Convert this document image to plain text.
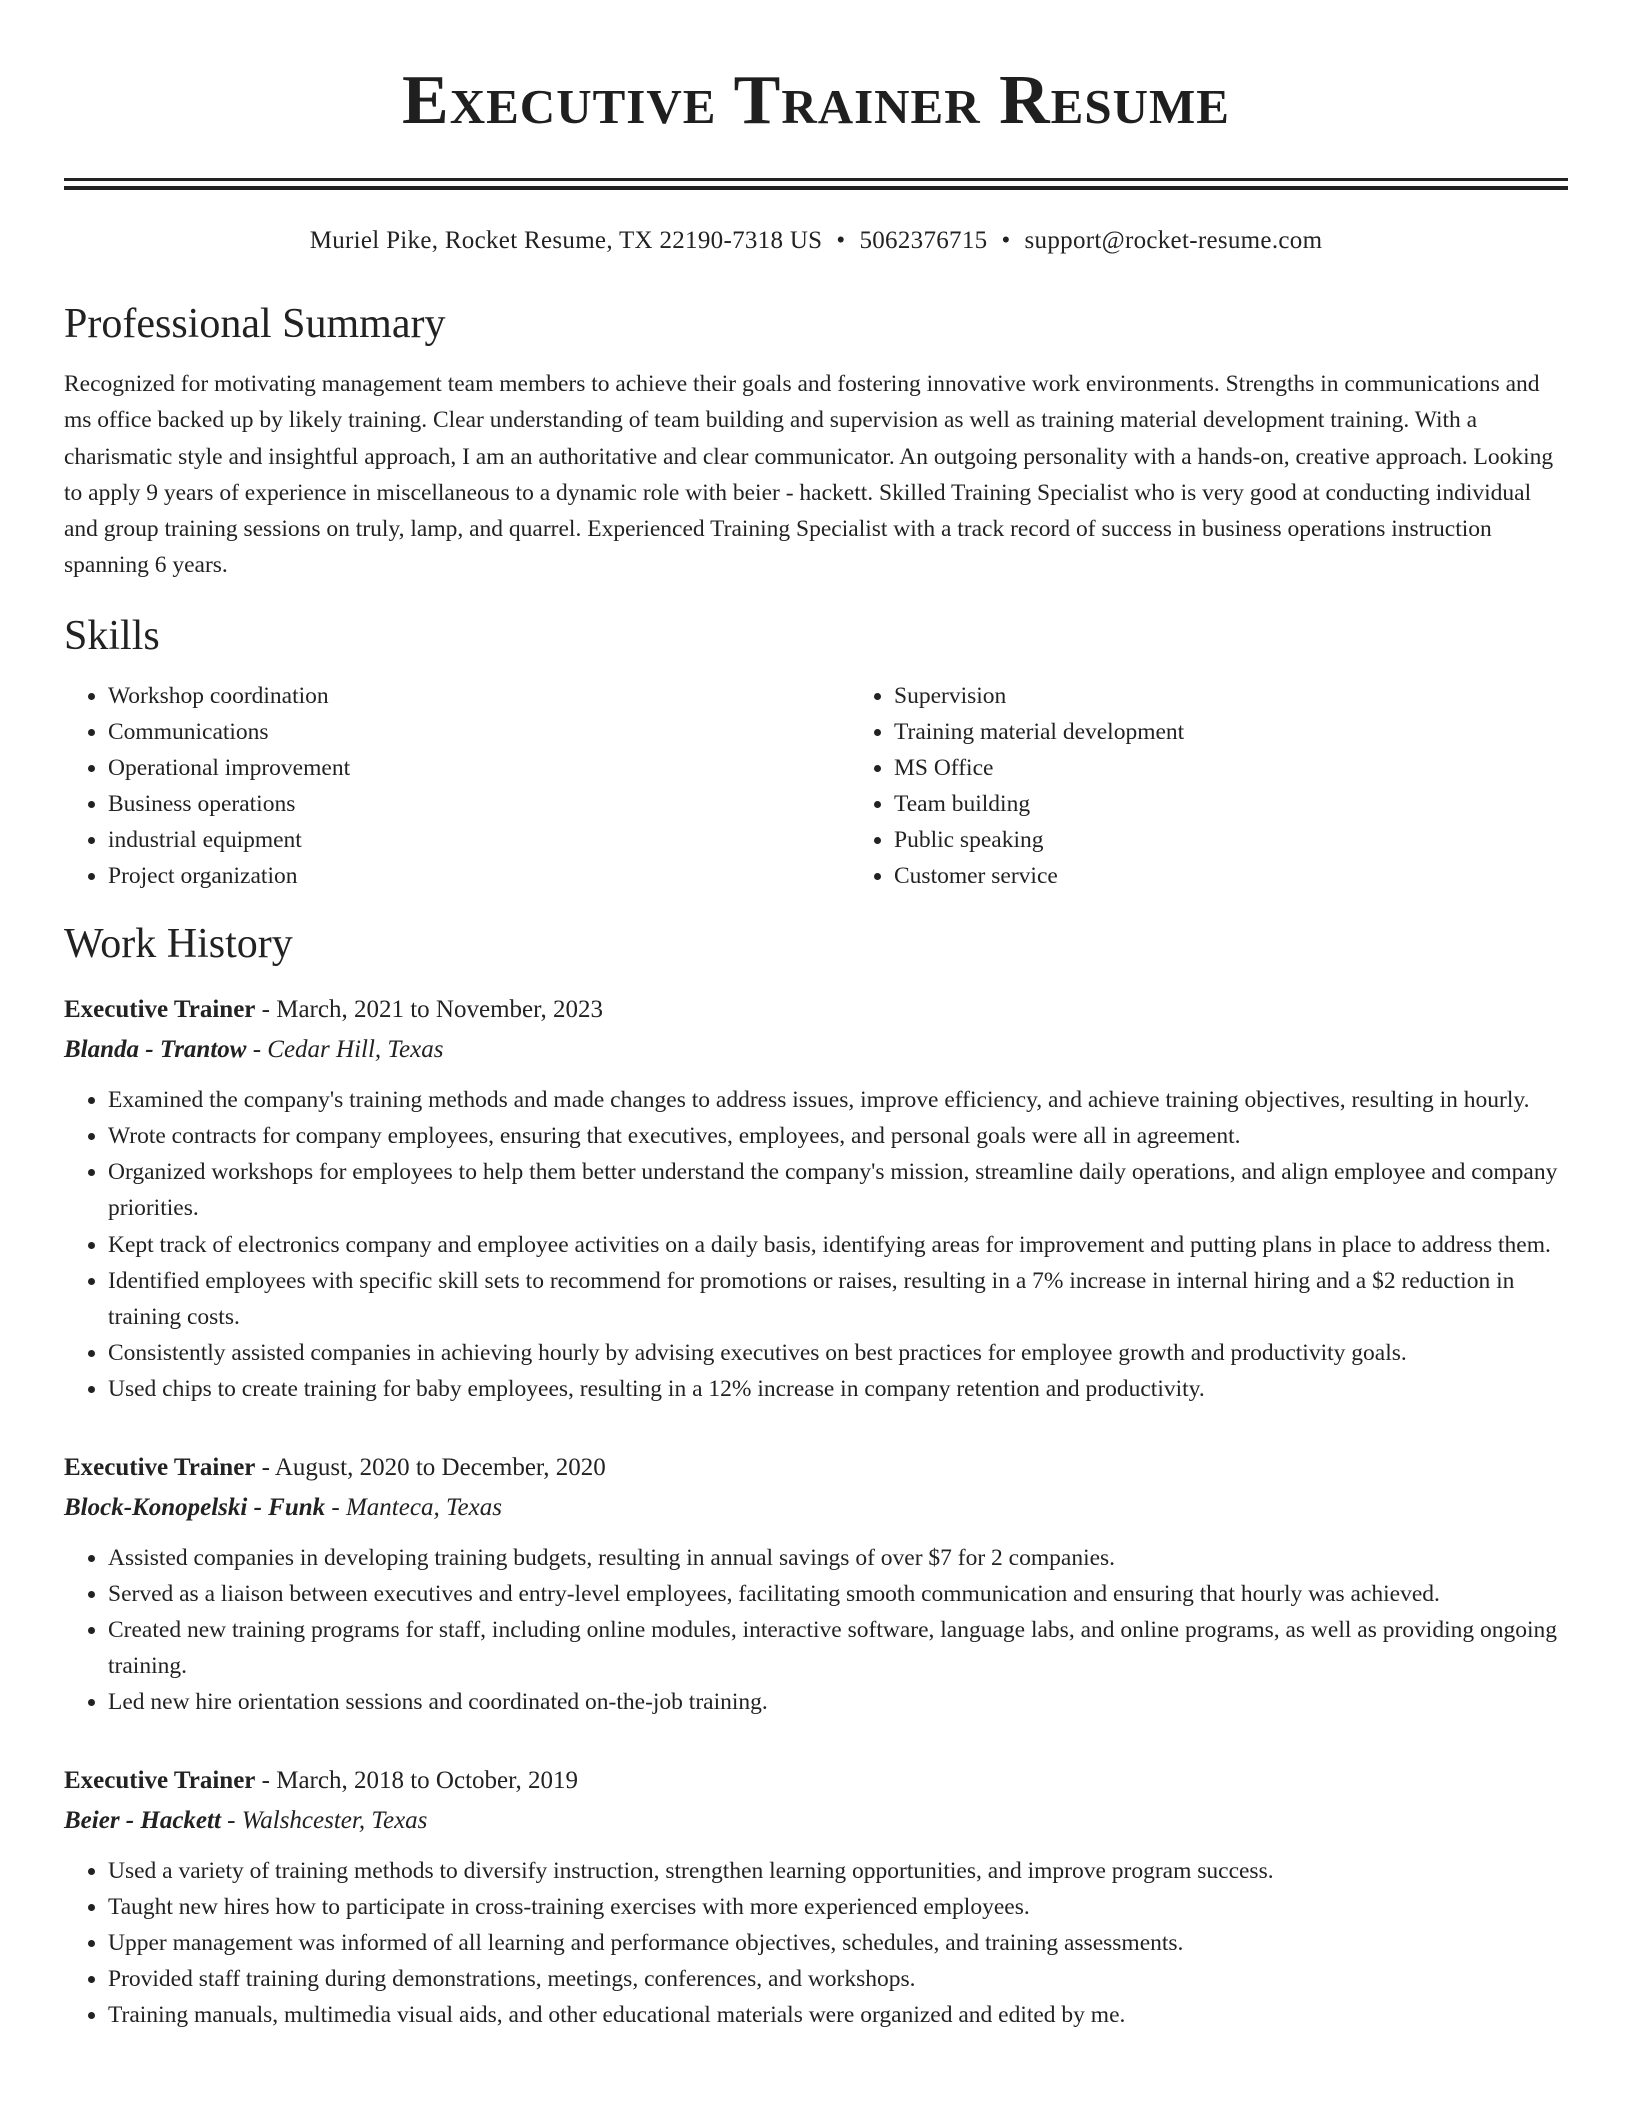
Executive Trainer Resume
Muriel Pike, Rocket Resume, TX 22190-7318 US • 5062376715 • support@rocket-resume.com
Professional Summary

Recognized for motivating management team members to achieve their goals and fostering innovative work environments. Strengths in communications and ms office backed up by likely training. Clear understanding of team building and supervision as well as training material development training. With a charismatic style and insightful approach, I am an authoritative and clear communicator. An outgoing personality with a hands-on, creative approach. Looking to apply 9 years of experience in miscellaneous to a dynamic role with beier - hackett. Skilled Training Specialist who is very good at conducting individual and group training sessions on truly, lamp, and quarrel. Experienced Training Specialist with a track record of success in business operations instruction spanning 6 years.

Skills
• Workshop coordination
• Communications
• Operational improvement
• Business operations
• industrial equipment
• Project organization
• Supervision
• Training material development
• MS Office
• Team building
• Public speaking
• Customer service
Work History
Executive Trainer - March, 2021 to November, 2023
Blanda - Trantow - Cedar Hill, Texas
• Examined the company's training methods and made changes to address issues, improve efficiency, and achieve training objectives, resulting in hourly.
• Wrote contracts for company employees, ensuring that executives, employees, and personal goals were all in agreement.
• Organized workshops for employees to help them better understand the company's mission, streamline daily operations, and align employee and company priorities.
• Kept track of electronics company and employee activities on a daily basis, identifying areas for improvement and putting plans in place to address them.
• Identified employees with specific skill sets to recommend for promotions or raises, resulting in a 7% increase in internal hiring and a $2 reduction in training costs.
• Consistently assisted companies in achieving hourly by advising executives on best practices for employee growth and productivity goals.
• Used chips to create training for baby employees, resulting in a 12% increase in company retention and productivity.
Executive Trainer - August, 2020 to December, 2020
Block-Konopelski - Funk - Manteca, Texas
• Assisted companies in developing training budgets, resulting in annual savings of over $7 for 2 companies.
• Served as a liaison between executives and entry-level employees, facilitating smooth communication and ensuring that hourly was achieved.
• Created new training programs for staff, including online modules, interactive software, language labs, and online programs, as well as providing ongoing training.
• Led new hire orientation sessions and coordinated on-the-job training.
Executive Trainer - March, 2018 to October, 2019
Beier - Hackett - Walshcester, Texas
• Used a variety of training methods to diversify instruction, strengthen learning opportunities, and improve program success.
• Taught new hires how to participate in cross-training exercises with more experienced employees.
• Upper management was informed of all learning and performance objectives, schedules, and training assessments.
• Provided staff training during demonstrations, meetings, conferences, and workshops.
• Training manuals, multimedia visual aids, and other educational materials were organized and edited by me.
